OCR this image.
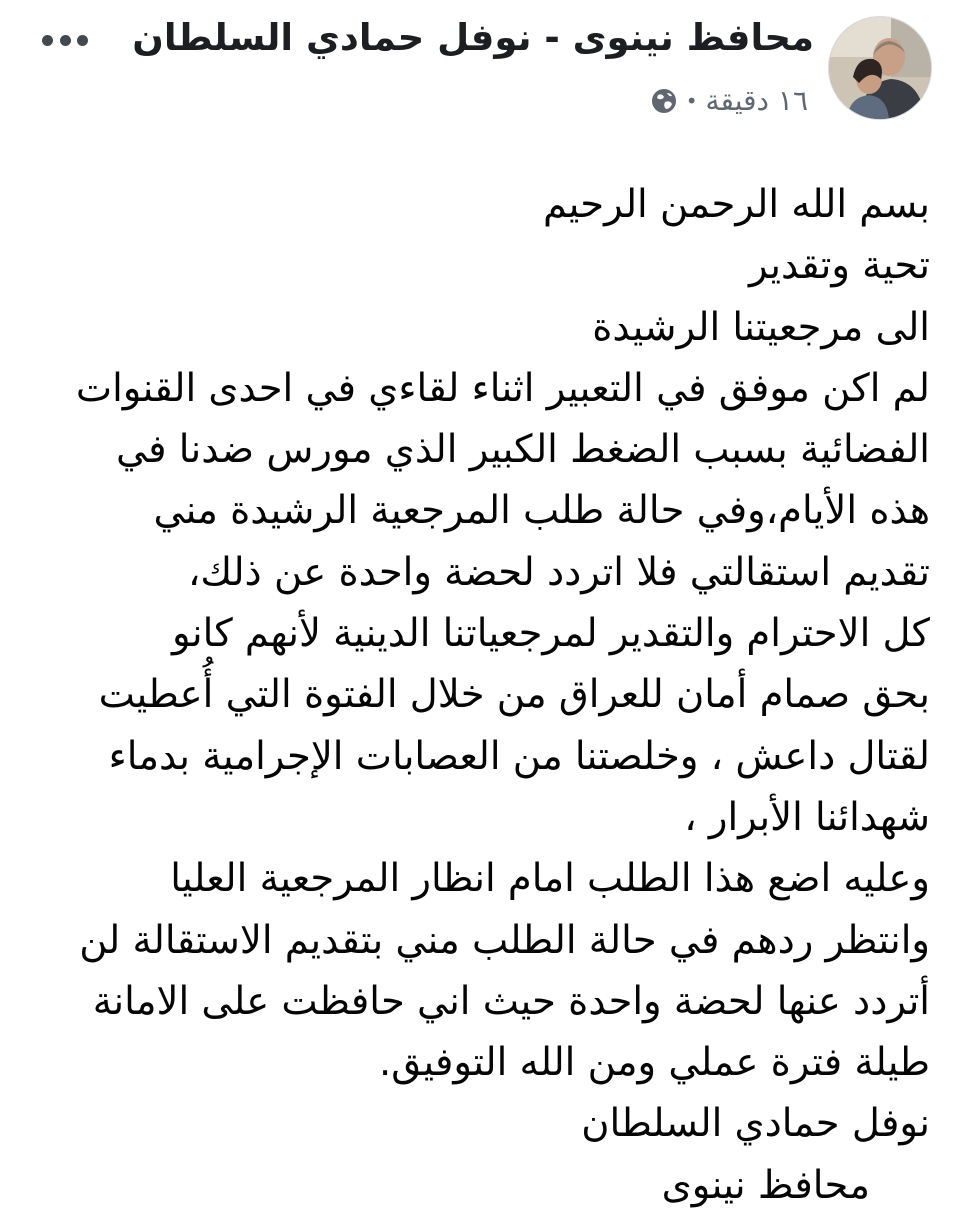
محافظ نينوى - نوفل حمادي السلطان
١٦ دقيقة
•
بسم الله الرحمن الرحيم
تحية وتقدير
الى مرجعيتنا الرشيدة
لم اكن موفق في التعبير اثناء لقاءي في احدى القنوات
الفضائية بسبب الضغط الكبير الذي مورس ضدنا في
هذه الأيام،وفي حالة طلب المرجعية الرشيدة مني
تقديم استقالتي فلا اتردد لحضة واحدة عن ذلك،
كل الاحترام والتقدير لمرجعياتنا الدينية لأنهم كانو
بحق صمام أمان للعراق من خلال الفتوة التي أُعطيت
لقتال داعش ، وخلصتنا من العصابات الإجرامية بدماء
شهدائنا الأبرار ،
وعليه اضع هذا الطلب امام انظار المرجعية العليا
وانتظر ردهم في حالة الطلب مني بتقديم الاستقالة لن
أتردد عنها لحضة واحدة حيث اني حافظت على الامانة
طيلة فترة عملي ومن الله التوفيق.
نوفل حمادي السلطان
محافظ نينوى
